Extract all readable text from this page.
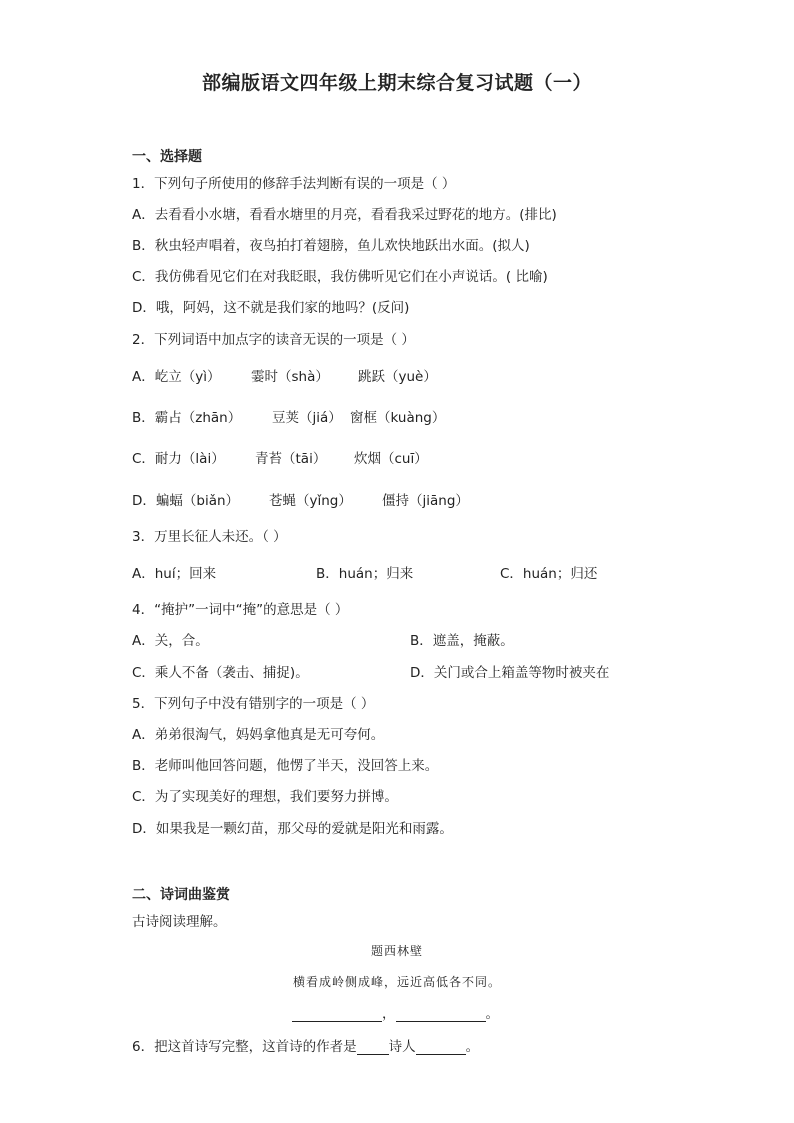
部编版语文四年级上期末综合复习试题（一）
一、选择题
1．下列句子所使用的修辞手法判断有误的一项是（ ）
A．去看看小水塘，看看水塘里的月亮，看看我采过野花的地方。(排比)
B．秋虫轻声唱着，夜鸟拍打着翅膀，鱼儿欢快地跃出水面。(拟人)
C．我仿佛看见它们在对我眨眼，我仿佛听见它们在小声说话。( 比喻)
D．哦，阿妈，这不就是我们家的地吗？(反问)
2．下列词语中加点字的读音无误的一项是（ ）
A．屹立（yì） 霎时（shà） 跳跃（yuè）
B．霸占（zhān） 豆荚（jiá） 窗框（kuàng）
C．耐力（lài） 青苔（tāi） 炊烟（cuī）
D．蝙蝠（biǎn） 苍蝇（yǐng） 僵持（jiāng）
3．万里长征人未还。（ ）
A．huí；回来	B．huán；归来	C．huán；归还
4．“掩护”一词中“掩”的意思是（ ）
A．关，合。	B．遮盖，掩蔽。
C．乘人不备（袭击、捕捉)。	D．关门或合上箱盖等物时被夹在
5．下列句子中没有错别字的一项是（ ）
A．弟弟很淘气，妈妈拿他真是无可夸何。
B．老师叫他回答问题，他愣了半天，没回答上来。
C．为了实现美好的理想，我们要努力拼博。
D．如果我是一颗幻苗，那父母的爱就是阳光和雨露。
二、诗词曲鉴赏
古诗阅读理解。
题西林壁
横看成岭侧成峰，远近高低各不同。
，	。
6．把这首诗写完整，这首诗的作者是 诗人	。
